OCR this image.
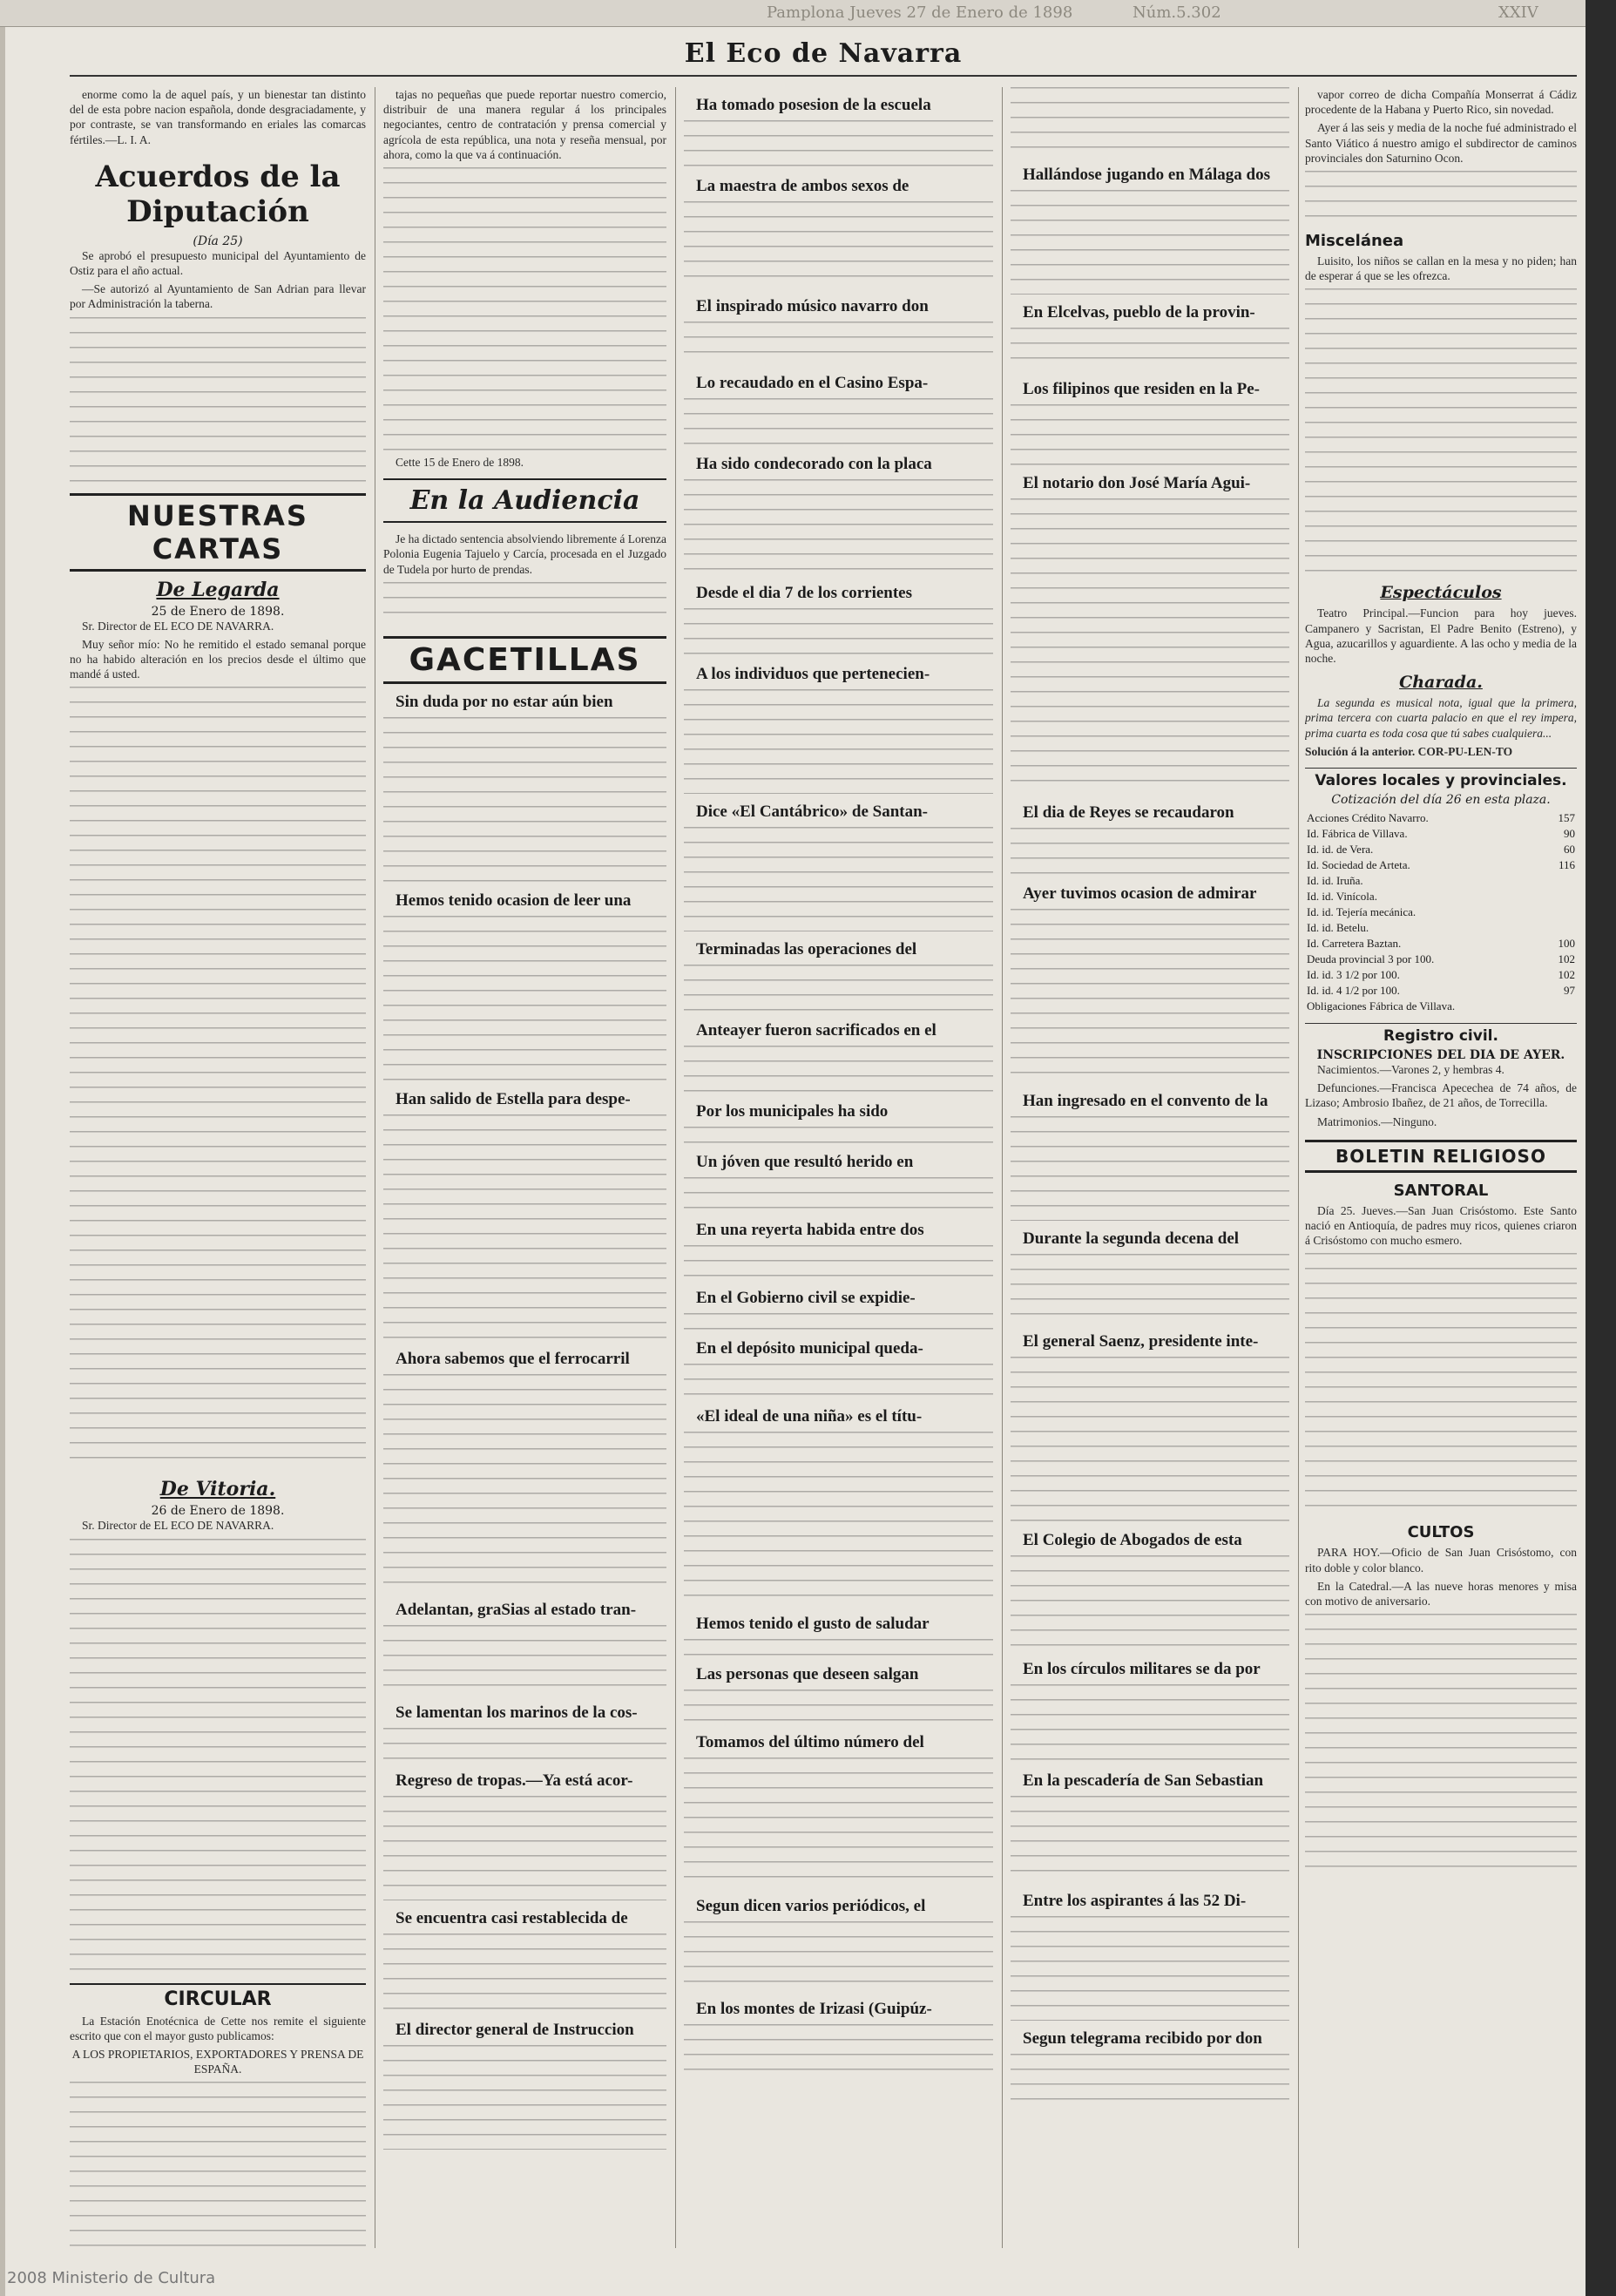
Pamplona Jueves 27 de Enero de 1898	Núm.5.302	XXIV
El Eco de Navarra

enorme como la de aquel país, y un bienestar tan distinto del de esta pobre nacion española, donde desgraciadamente, y por contraste, se van transformando en eriales las comarcas fértiles.—L. I. A.

Acuerdos de la Diputación
(Día 25)

Se aprobó el presupuesto municipal del Ayuntamiento de Ostiz para el año actual.

—Se autorizó al Ayuntamiento de San Adrian para llevar por Administración la taberna.

NUESTRAS CARTAS
De Legarda
25 de Enero de 1898.

Sr. Director de EL ECO DE NAVARRA.

Muy señor mío: No he remitido el estado semanal porque no ha habido alteración en los precios desde el último que mandé á usted.

De Vitoria.
26 de Enero de 1898.

Sr. Director de EL ECO DE NAVARRA.

CIRCULAR

La Estación Enotécnica de Cette nos remite el siguiente escrito que con el mayor gusto publicamos:

A LOS PROPIETARIOS, EXPORTADORES Y PRENSA DE ESPAÑA.

tajas no pequeñas que puede reportar nuestro comercio, distribuir de una manera regular á los principales negociantes, centro de contratación y prensa comercial y agrícola de esta república, una nota y reseña mensual, por ahora, como la que va á continuación.

Cette 15 de Enero de 1898.

En la Audiencia

Je ha dictado sentencia absolviendo libremente á Lorenza Polonia Eugenia Tajuelo y Carcía, procesada en el Juzgado de Tudela por hurto de prendas.

GACETILLAS
Sin duda por no estar aún bien
Hemos tenido ocasion de leer una
Han salido de Estella para despe-
Ahora sabemos que el ferrocarril
Adelantan, graSias al estado tran-
Se lamentan los marinos de la cos-
Regreso de tropas.—Ya está acor-
Se encuentra casi restablecida de
El director general de Instruccion
Ha tomado posesion de la escuela
La maestra de ambos sexos de
El inspirado músico navarro don
Lo recaudado en el Casino Espa-
Ha sido condecorado con la placa
Desde el dia 7 de los corrientes
A los individuos que pertenecien-
Dice «El Cantábrico» de Santan-
Terminadas las operaciones del
Anteayer fueron sacrificados en el
Por los municipales ha sido
Un jóven que resultó herido en
En una reyerta habida entre dos
En el Gobierno civil se expidie-
En el depósito municipal queda-
«El ideal de una niña» es el títu-
Hemos tenido el gusto de saludar
Las personas que deseen salgan
Tomamos del último número del
Segun dicen varios periódicos, el
En los montes de Irizasi (Guipúz-
Hallándose jugando en Málaga dos
En Elcelvas, pueblo de la provin-
Los filipinos que residen en la Pe-
El notario don José María Agui-
El dia de Reyes se recaudaron
Ayer tuvimos ocasion de admirar
Han ingresado en el convento de la
Durante la segunda decena del
El general Saenz, presidente inte-
El Colegio de Abogados de esta
En los círculos militares se da por
En la pescadería de San Sebastian
Entre los aspirantes á las 52 Di-
Segun telegrama recibido por don

vapor correo de dicha Compañía Monserrat á Cádiz procedente de la Habana y Puerto Rico, sin novedad.

Ayer á las seis y media de la noche fué administrado el Santo Viático á nuestro amigo el subdirector de caminos provinciales don Saturnino Ocon.

Miscelánea

Luisito, los niños se callan en la mesa y no piden; han de esperar á que se les ofrezca.

Espectáculos

Teatro Principal.—Funcion para hoy jueves. Campanero y Sacristan, El Padre Benito (Estreno), y Agua, azucarillos y aguardiente. A las ocho y media de la noche.

Charada.

La segunda es musical nota, igual que la primera, prima tercera con cuarta palacio en que el rey impera, prima cuarta es toda cosa que tú sabes cualquiera...

Solución á la anterior. COR-PU-LEN-TO

Valores locales y provinciales.
Cotización del día 26 en esta plaza.
Acciones Crédito Navarro.	157
Id. Fábrica de Villava.	90
Id. id. de Vera.	60
Id. Sociedad de Arteta.	116
Id. id. Iruña.	
Id. id. Vinícola.	
Id. id. Tejería mecánica.	
Id. id. Betelu.	
Id. Carretera Baztan.	100
Deuda provincial 3 por 100.	102
Id. id. 3 1/2 por 100.	102
Id. id. 4 1/2 por 100.	97
Obligaciones Fábrica de Villava.	
Registro civil.
INSCRIPCIONES DEL DIA DE AYER.

Nacimientos.—Varones 2, y hembras 4.

Defunciones.—Francisca Apecechea de 74 años, de Lizaso; Ambrosio Ibañez, de 21 años, de Torrecilla.

Matrimonios.—Ninguno.

BOLETIN RELIGIOSO
SANTORAL

Día 25. Jueves.—San Juan Crisóstomo. Este Santo nació en Antioquía, de padres muy ricos, quienes criaron á Crisóstomo con mucho esmero.

CULTOS

PARA HOY.—Oficio de San Juan Crisóstomo, con rito doble y color blanco.

En la Catedral.—A las nueve horas menores y misa con motivo de aniversario.

2008 Ministerio de Cultura
